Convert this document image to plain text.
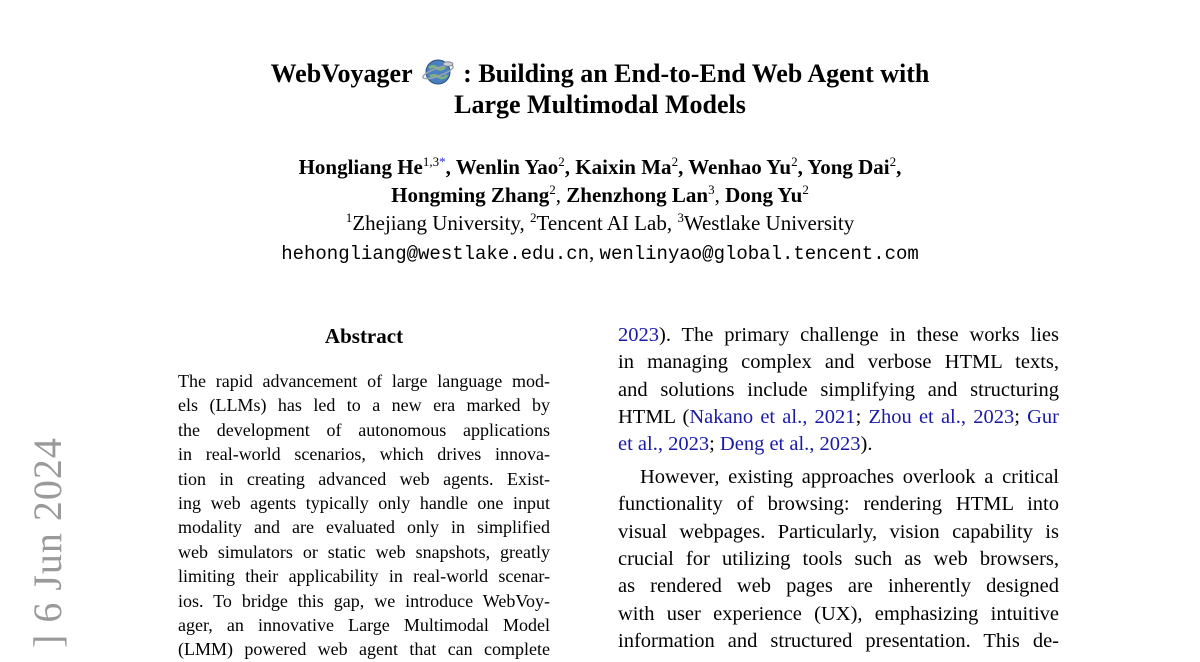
WebVoyager : Building an End-to-End Web Agent with
Large Multimodal Models
Hongliang $He^{1,3*}$, Wenlin Yao$^2$, Kaixin Ma$^2$, Wenhao Yu$^2$, Yong Dai$^2$,
Hongming Zhang$^2$, Zhenzhong Lan$^3$, Dong Yu$^2$
$^1$Zhejiang University, $^2$Tencent AI Lab, $^3$Westlake University
hehongliang@westlake.edu.cn, wenlinyao@global.tencent.com
] 6 Jun 2024
Abstract
The rapid advancement of large language mod-
els (LLMs) has led to a new era marked by
the development of autonomous applications
in real-world scenarios, which drives innova-
tion in creating advanced web agents. Exist-
ing web agents typically only handle one input
modality and are evaluated only in simplified
web simulators or static web snapshots, greatly
limiting their applicability in real-world scenar-
ios. To bridge this gap, we introduce WebVoy-
ager, an innovative Large Multimodal Model
(LMM) powered web agent that can complete
2023). The primary challenge in these works lies
in managing complex and verbose HTML texts,
and solutions include simplifying and structuring
HTML (Nakano et al., 2021; Zhou et al., 2023; Gur
et al., 2023; Deng et al., 2023).
However, existing approaches overlook a critical
functionality of browsing: rendering HTML into
visual webpages. Particularly, vision capability is
crucial for utilizing tools such as web browsers,
as rendered web pages are inherently designed
with user experience (UX), emphasizing intuitive
information and structured presentation. This de-
